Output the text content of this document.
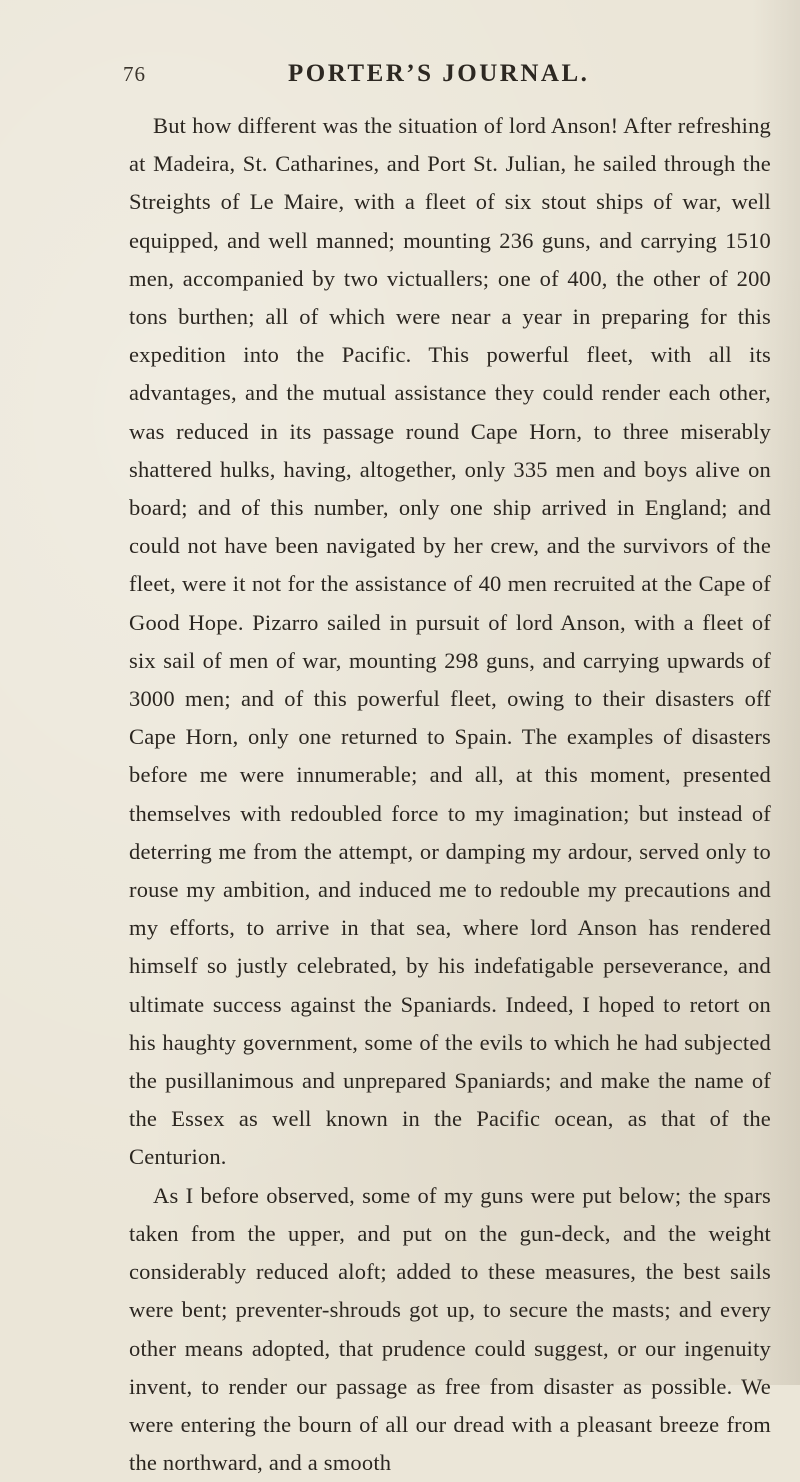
76	PORTER’S JOURNAL.

But how different was the situation of lord Anson! After refreshing at Madeira, St. Catharines, and Port St. Julian, he sailed through the Streights of Le Maire, with a fleet of six stout ships of war, well equipped, and well manned; mounting 236 guns, and carrying 1510 men, accompanied by two victuallers; one of 400, the other of 200 tons burthen; all of which were near a year in preparing for this expedition into the Pacific. This powerful fleet, with all its advantages, and the mutual assistance they could render each other, was reduced in its passage round Cape Horn, to three miserably shattered hulks, having, altogether, only 335 men and boys alive on board; and of this number, only one ship arrived in England; and could not have been navigated by her crew, and the survivors of the fleet, were it not for the assistance of 40 men recruited at the Cape of Good Hope. Pizarro sailed in pursuit of lord Anson, with a fleet of six sail of men of war, mounting 298 guns, and carrying upwards of 3000 men; and of this powerful fleet, owing to their disasters off Cape Horn, only one returned to Spain. The examples of disasters before me were innumerable; and all, at this moment, presented themselves with redoubled force to my imagination; but instead of deterring me from the attempt, or damping my ardour, served only to rouse my ambition, and induced me to redouble my precautions and my efforts, to arrive in that sea, where lord Anson has rendered himself so justly celebrated, by his indefatigable perseverance, and ultimate success against the Spaniards. Indeed, I hoped to retort on his haughty government, some of the evils to which he had subjected the pusillanimous and unprepared Spaniards; and make the name of the Essex as well known in the Pacific ocean, as that of the Centurion.

As I before observed, some of my guns were put below; the spars taken from the upper, and put on the gun-deck, and the weight considerably reduced aloft; added to these measures, the best sails were bent; preventer-shrouds got up, to secure the masts; and every other means adopted, that prudence could suggest, or our ingenuity invent, to render our passage as free from disaster as possible. We were entering the bourn of all our dread with a pleasant breeze from the northward, and a smooth
